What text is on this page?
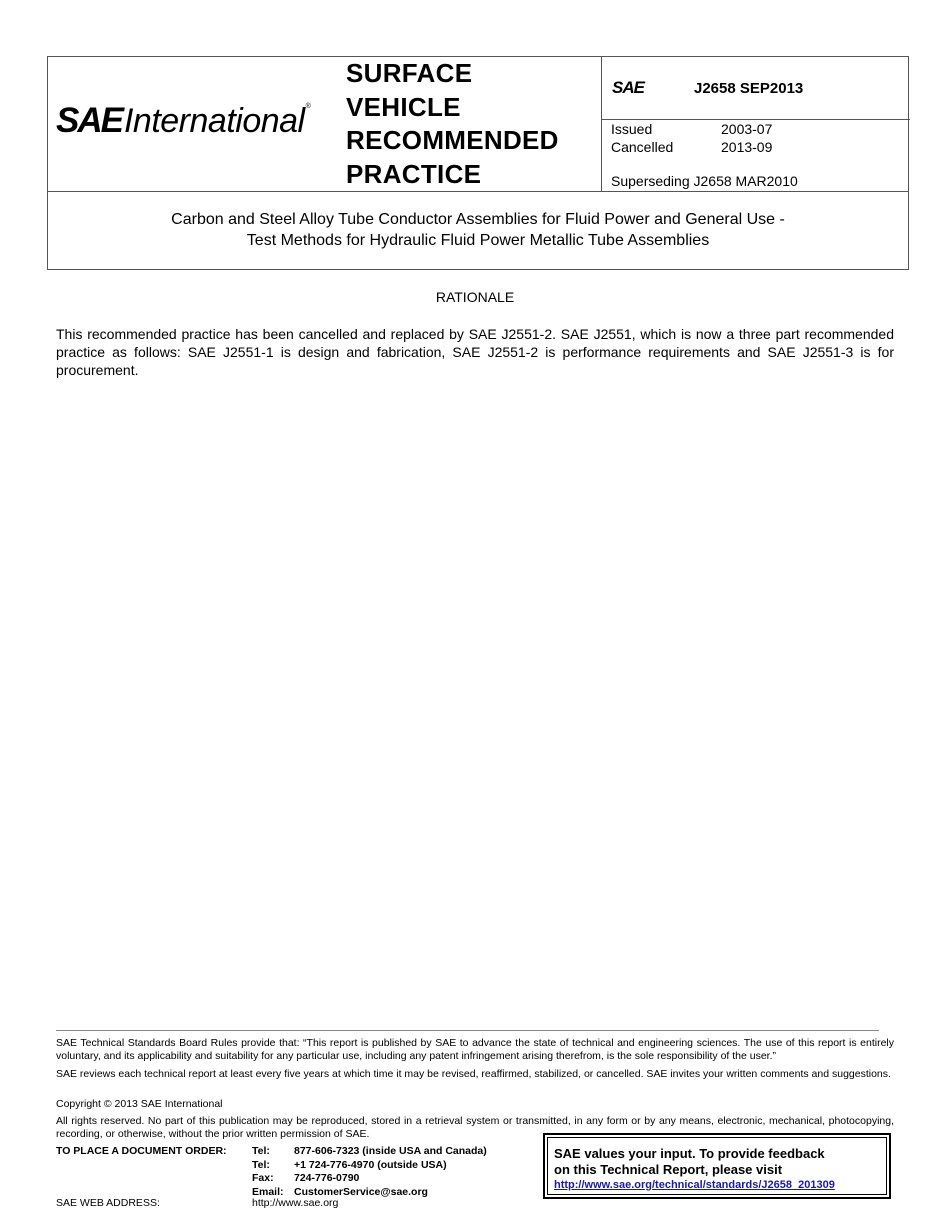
SAE International ®
SURFACE
VEHICLE
RECOMMENDED
PRACTICE
SAE	J2658 SEP2013
Issued	2003-07
Cancelled	2013-09
Superseding J2658 MAR2010
Carbon and Steel Alloy Tube Conductor Assemblies for Fluid Power and General Use -
Test Methods for Hydraulic Fluid Power Metallic Tube Assemblies
RATIONALE
This recommended practice has been cancelled and replaced by SAE J2551-2. SAE J2551, which is now a three part recommended practice as follows: SAE J2551-1 is design and fabrication, SAE J2551-2 is performance requirements and SAE J2551-3 is for procurement.
SAE Technical Standards Board Rules provide that: “This report is published by SAE to advance the state of technical and engineering sciences. The use of this report is entirely voluntary, and its applicability and suitability for any particular use, including any patent infringement arising therefrom, is the sole responsibility of the user.”
SAE reviews each technical report at least every five years at which time it may be revised, reaffirmed, stabilized, or cancelled. SAE invites your written comments and suggestions.
Copyright © 2013 SAE International
All rights reserved. No part of this publication may be reproduced, stored in a retrieval system or transmitted, in any form or by any means, electronic, mechanical, photocopying, recording, or otherwise, without the prior written permission of SAE.
TO PLACE A DOCUMENT ORDER:	Tel: 877-606-7323 (inside USA and Canada)
Tel: +1 724-776-4970 (outside USA)
Fax: 724-776-0790
Email: CustomerService@sae.org
SAE WEB ADDRESS:	http://www.sae.org
SAE values your input. To provide feedback
on this Technical Report, please visit
http://www.sae.org/technical/standards/J2658_201309
